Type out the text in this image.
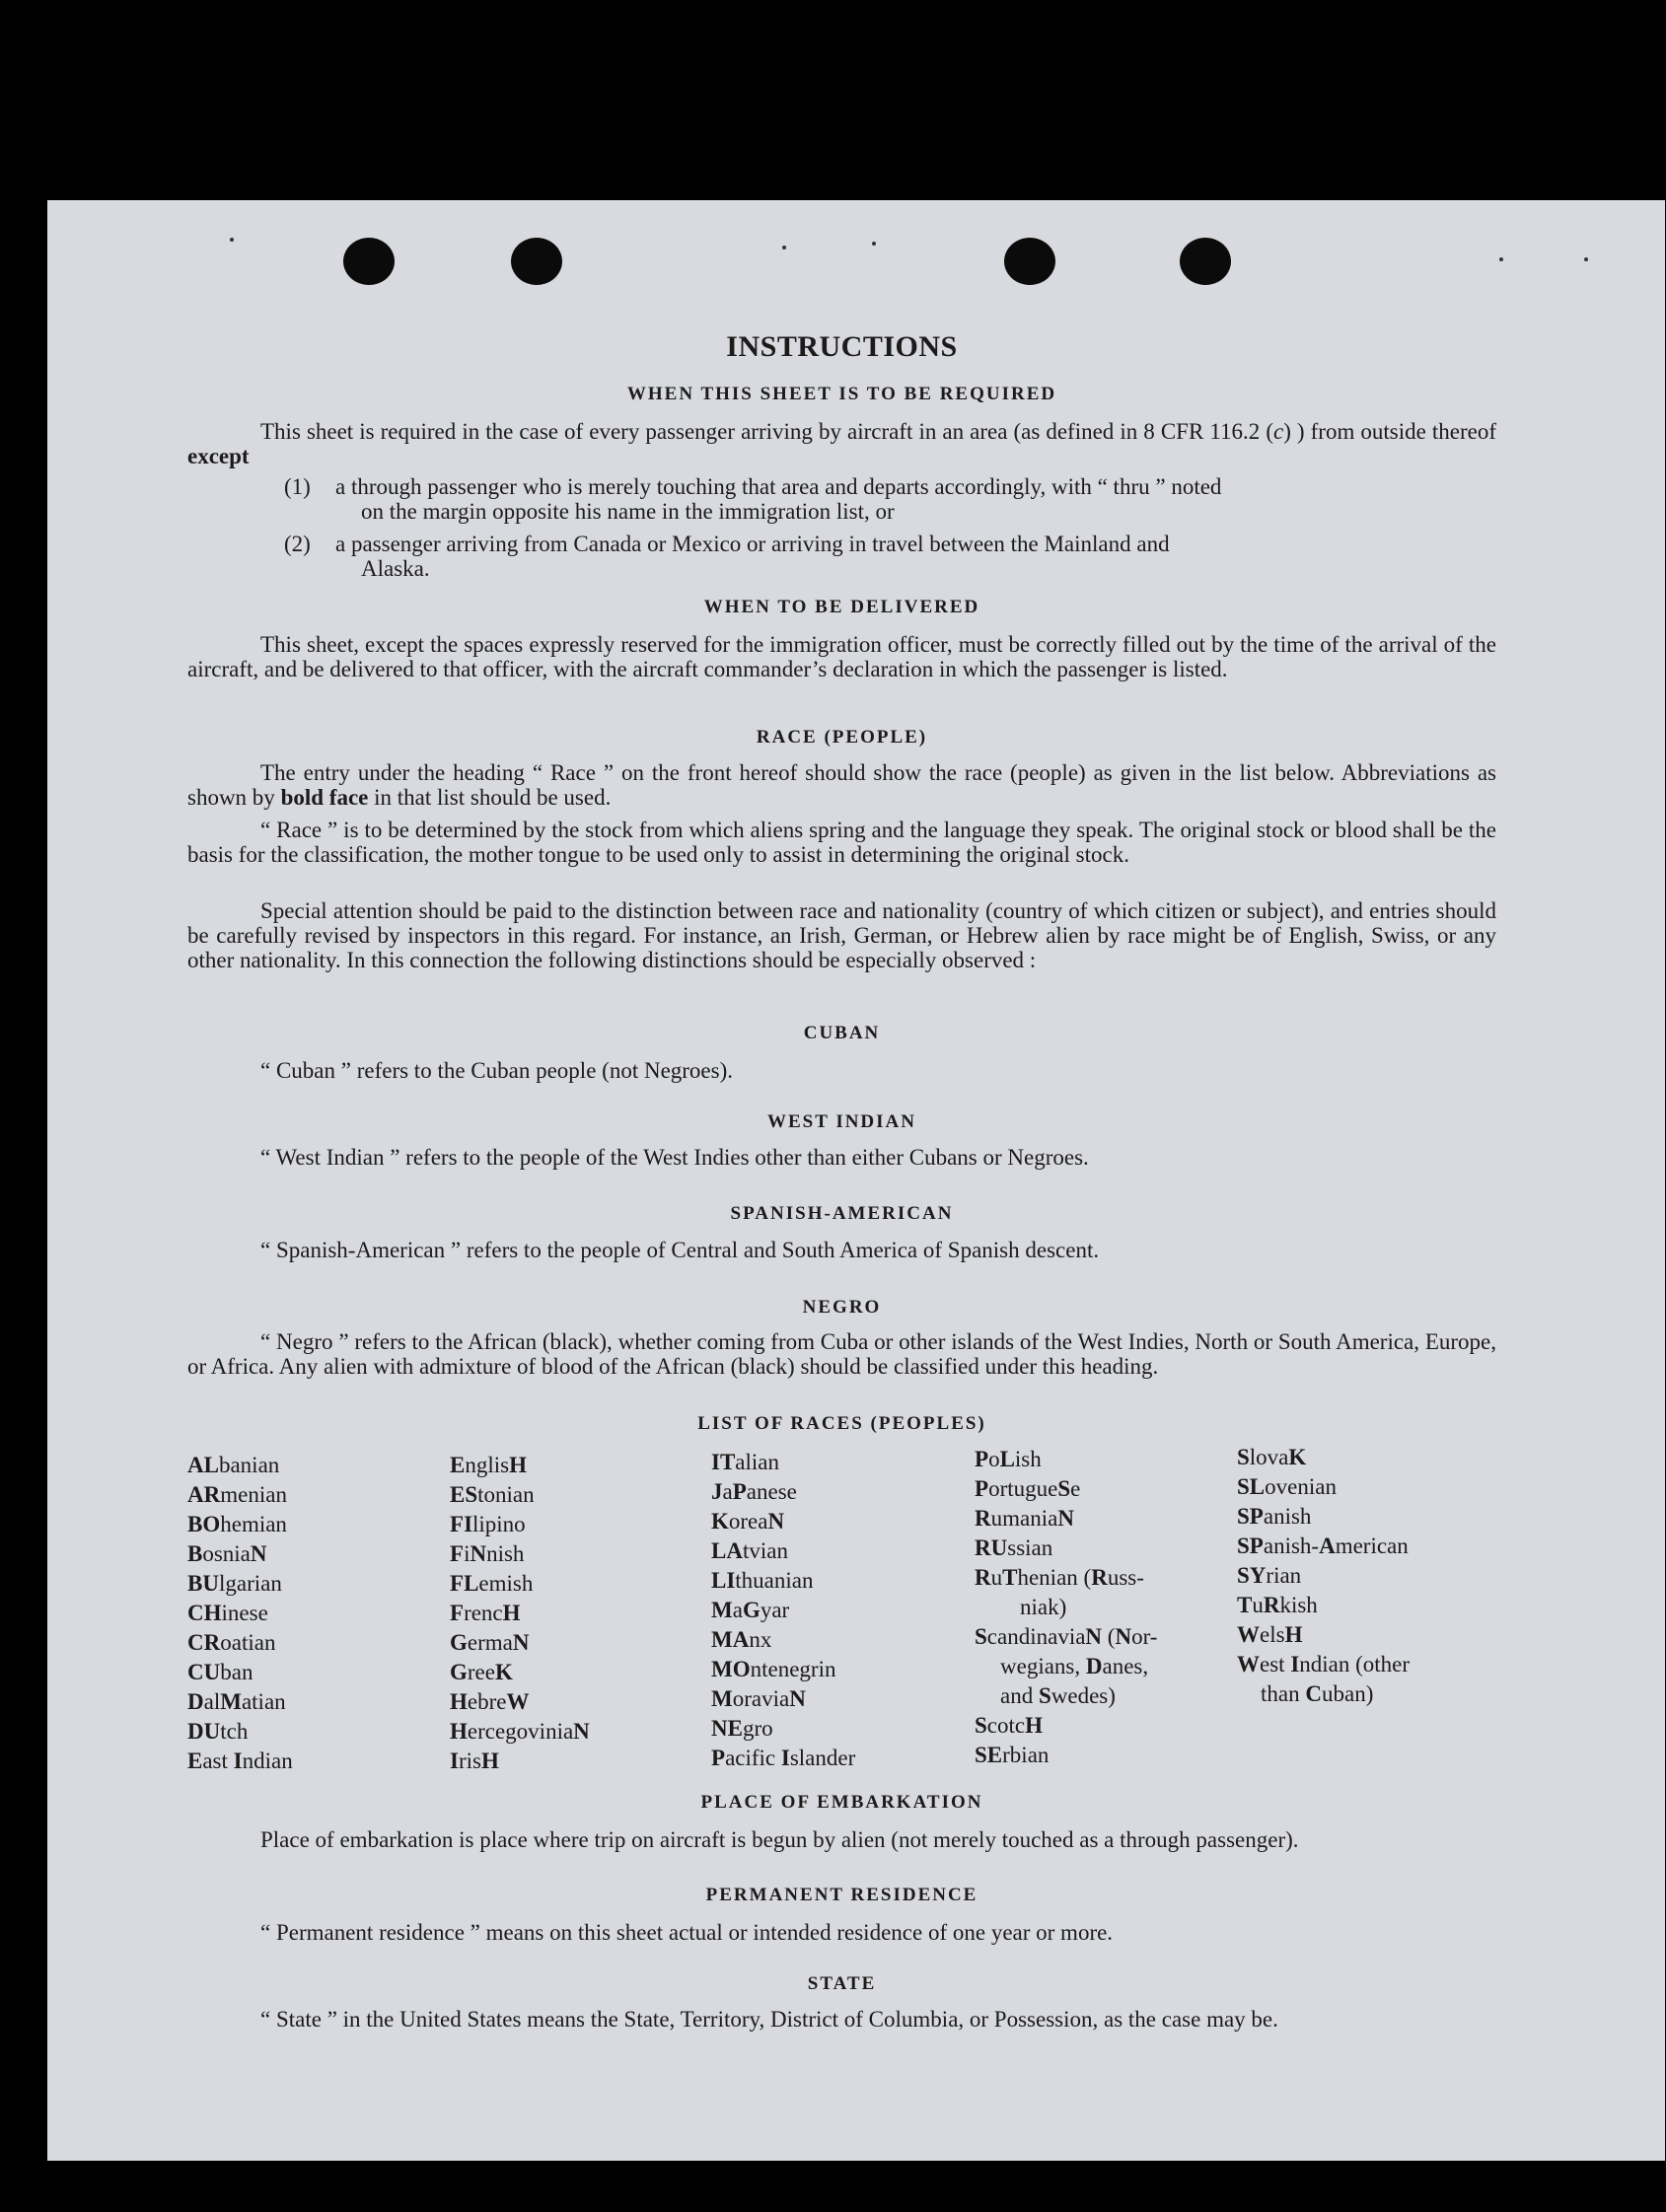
INSTRUCTIONS
WHEN THIS SHEET IS TO BE REQUIRED
This sheet is required in the case of every passenger arriving by aircraft in an area (as defined in 8 CFR 116.2 (c) ) from outside thereof except
(1) a through passenger who is merely touching that area and departs accordingly, with “ thru ” noted
on the margin opposite his name in the immigration list, or
(2) a passenger arriving from Canada or Mexico or arriving in travel between the Mainland and
Alaska.
WHEN TO BE DELIVERED
This sheet, except the spaces expressly reserved for the immigration officer, must be correctly filled out by the time of the arrival of the aircraft, and be delivered to that officer, with the aircraft commander’s declaration in which the passenger is listed.
RACE (PEOPLE)
The entry under the heading “ Race ” on the front hereof should show the race (people) as given in the list below. Abbreviations as shown by bold face in that list should be used.
“ Race ” is to be determined by the stock from which aliens spring and the language they speak. The original stock or blood shall be the basis for the classification, the mother tongue to be used only to assist in determining the original stock.
Special attention should be paid to the distinction between race and nationality (country of which citizen or subject), and entries should be carefully revised by inspectors in this regard. For instance, an Irish, German, or Hebrew alien by race might be of English, Swiss, or any other nationality. In this connection the following distinctions should be especially observed :
CUBAN
“ Cuban ” refers to the Cuban people (not Negroes).
WEST INDIAN
“ West Indian ” refers to the people of the West Indies other than either Cubans or Negroes.
SPANISH-AMERICAN
“ Spanish-American ” refers to the people of Central and South America of Spanish descent.
NEGRO
“ Negro ” refers to the African (black), whether coming from Cuba or other islands of the West Indies, North or South America, Europe, or Africa. Any alien with admixture of blood of the African (black) should be classified under this heading.
LIST OF RACES (PEOPLES)
ALbanian
ARmenian
BOhemian
BosniaN
BUlgarian
CHinese
CRoatian
CUban
DalMatian
DUtch
East Indian
EnglisH
EStonian
FIlipino
FiNnish
FLemish
FrencH
GermaN
GreeK
HebreW
HercegoviniaN
IrisH
ITalian
JaPanese
KoreaN
LAtvian
LIthuanian
MaGyar
MAnx
MOntenegrin
MoraviaN
NEgro
Pacific Islander
PoLish
PortugueSe
RumaniaN
RUssian
RuThenian (Russ-
niak)
ScandinaviaN (Nor-
wegians, Danes,
and Swedes)
ScotcH
SErbian
SlovaK
SLovenian
SPanish
SPanish-American
SYrian
TuRkish
WelsH
West Indian (other
than Cuban)
PLACE OF EMBARKATION
Place of embarkation is place where trip on aircraft is begun by alien (not merely touched as a through passenger).
PERMANENT RESIDENCE
“ Permanent residence ” means on this sheet actual or intended residence of one year or more.
STATE
“ State ” in the United States means the State, Territory, District of Columbia, or Possession, as the case may be.
